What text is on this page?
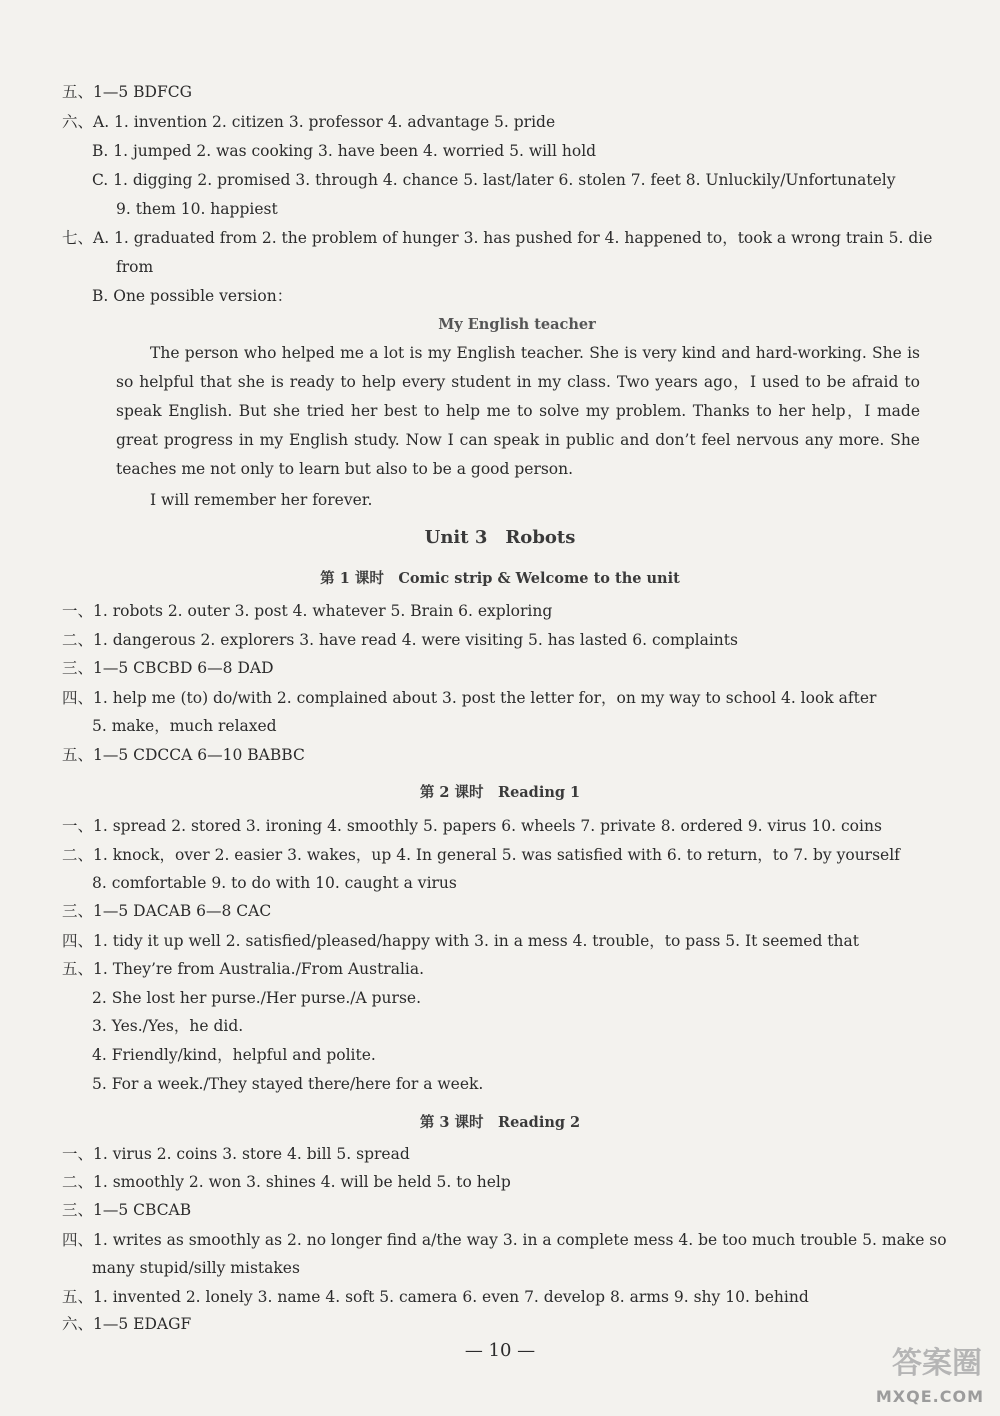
五、1—5 BDFCG
六、A. 1. invention 2. citizen 3. professor 4. advantage 5. pride
B. 1. jumped 2. was cooking 3. have been 4. worried 5. will hold
C. 1. digging 2. promised 3. through 4. chance 5. last/later 6. stolen 7. feet 8. Unluckily/Unfortunately
9. them 10. happiest
七、A. 1. graduated from 2. the problem of hunger 3. has pushed for 4. happened to，took a wrong train 5. die
from
B. One possible version：
My English teacher
The person who helped me a lot is my English teacher. She is very kind and hard-working. She is so helpful that she is ready to help every student in my class. Two years ago，I used to be afraid to speak English. But she tried her best to help me to solve my problem. Thanks to her help，I made great progress in my English study. Now I can speak in public and don’t feel nervous any more. She teaches me not only to learn but also to be a good person.
I will remember her forever.
Unit 3　Robots
第 1 课时　Comic strip & Welcome to the unit
一、1. robots 2. outer 3. post 4. whatever 5. Brain 6. exploring
二、1. dangerous 2. explorers 3. have read 4. were visiting 5. has lasted 6. complaints
三、1—5 CBCBD 6—8 DAD
四、1. help me (to) do/with 2. complained about 3. post the letter for，on my way to school 4. look after
5. make，much relaxed
五、1—5 CDCCA 6—10 BABBC
第 2 课时　Reading 1
一、1. spread 2. stored 3. ironing 4. smoothly 5. papers 6. wheels 7. private 8. ordered 9. virus 10. coins
二、1. knock，over 2. easier 3. wakes，up 4. In general 5. was satisfied with 6. to return，to 7. by yourself
8. comfortable 9. to do with 10. caught a virus
三、1—5 DACAB 6—8 CAC
四、1. tidy it up well 2. satisfied/pleased/happy with 3. in a mess 4. trouble，to pass 5. It seemed that
五、1. They’re from Australia./From Australia.
2. She lost her purse./Her purse./A purse.
3. Yes./Yes，he did.
4. Friendly/kind，helpful and polite.
5. For a week./They stayed there/here for a week.
第 3 课时　Reading 2
一、1. virus 2. coins 3. store 4. bill 5. spread
二、1. smoothly 2. won 3. shines 4. will be held 5. to help
三、1—5 CBCAB
四、1. writes as smoothly as 2. no longer find a/the way 3. in a complete mess 4. be too much trouble 5. make so
many stupid/silly mistakes
五、1. invented 2. lonely 3. name 4. soft 5. camera 6. even 7. develop 8. arms 9. shy 10. behind
六、1—5 EDAGF
— 10 —	答案圈
MXQE.COM
